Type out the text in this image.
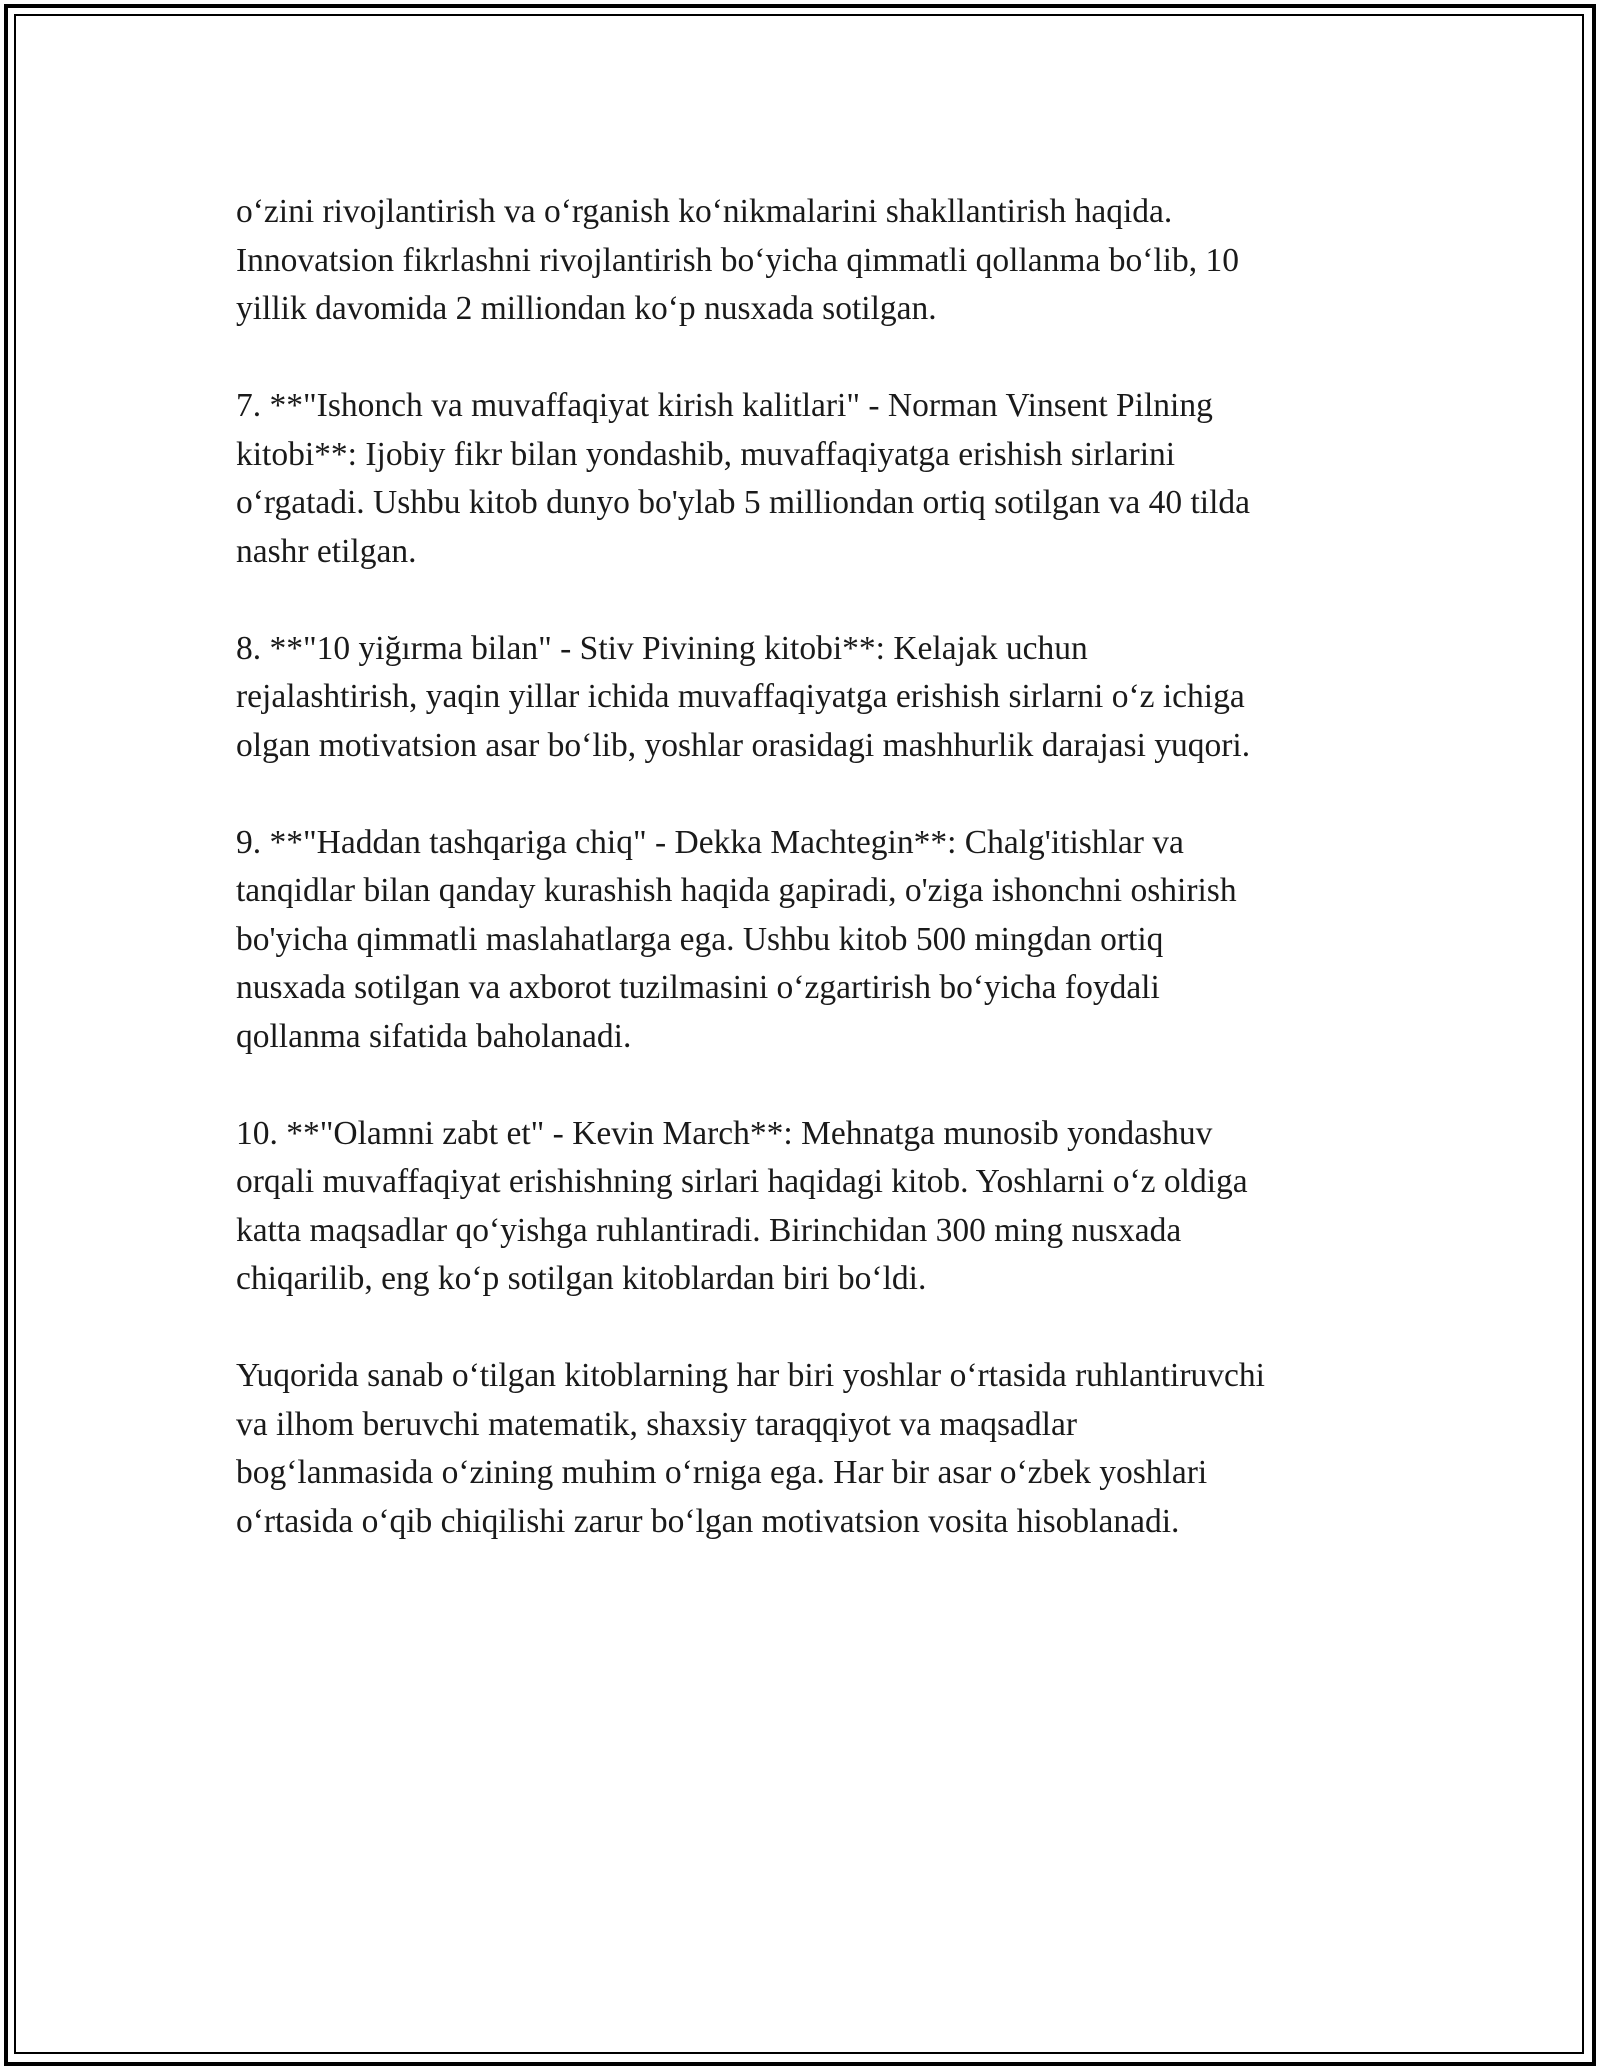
o‘zini rivojlantirish va o‘rganish ko‘nikmalarini shakllantirish haqida.
Innovatsion fikrlashni rivojlantirish bo‘yicha qimmatli qollanma bo‘lib, 10
yillik davomida 2 milliondan ko‘p nusxada sotilgan.

7. **"Ishonch va muvaffaqiyat kirish kalitlari" - Norman Vinsent Pilning
kitobi**: Ijobiy fikr bilan yondashib, muvaffaqiyatga erishish sirlarini
o‘rgatadi. Ushbu kitob dunyo bo'ylab 5 milliondan ortiq sotilgan va 40 tilda
nashr etilgan.

8. **"10 yiğırma bilan" - Stiv Pivining kitobi**: Kelajak uchun
rejalashtirish, yaqin yillar ichida muvaffaqiyatga erishish sirlarni o‘z ichiga
olgan motivatsion asar bo‘lib, yoshlar orasidagi mashhurlik darajasi yuqori.

9. **"Haddan tashqariga chiq" - Dekka Machtegin**: Chalg'itishlar va
tanqidlar bilan qanday kurashish haqida gapiradi, o'ziga ishonchni oshirish
bo'yicha qimmatli maslahatlarga ega. Ushbu kitob 500 mingdan ortiq
nusxada sotilgan va axborot tuzilmasini o‘zgartirish bo‘yicha foydali
qollanma sifatida baholanadi.

10. **"Olamni zabt et" - Kevin March**: Mehnatga munosib yondashuv
orqali muvaffaqiyat erishishning sirlari haqidagi kitob. Yoshlarni o‘z oldiga
katta maqsadlar qo‘yishga ruhlantiradi. Birinchidan 300 ming nusxada
chiqarilib, eng ko‘p sotilgan kitoblardan biri bo‘ldi.

Yuqorida sanab o‘tilgan kitoblarning har biri yoshlar o‘rtasida ruhlantiruvchi
va ilhom beruvchi matematik, shaxsiy taraqqiyot va maqsadlar
bog‘lanmasida o‘zining muhim o‘rniga ega. Har bir asar o‘zbek yoshlari
o‘rtasida o‘qib chiqilishi zarur bo‘lgan motivatsion vosita hisoblanadi.
